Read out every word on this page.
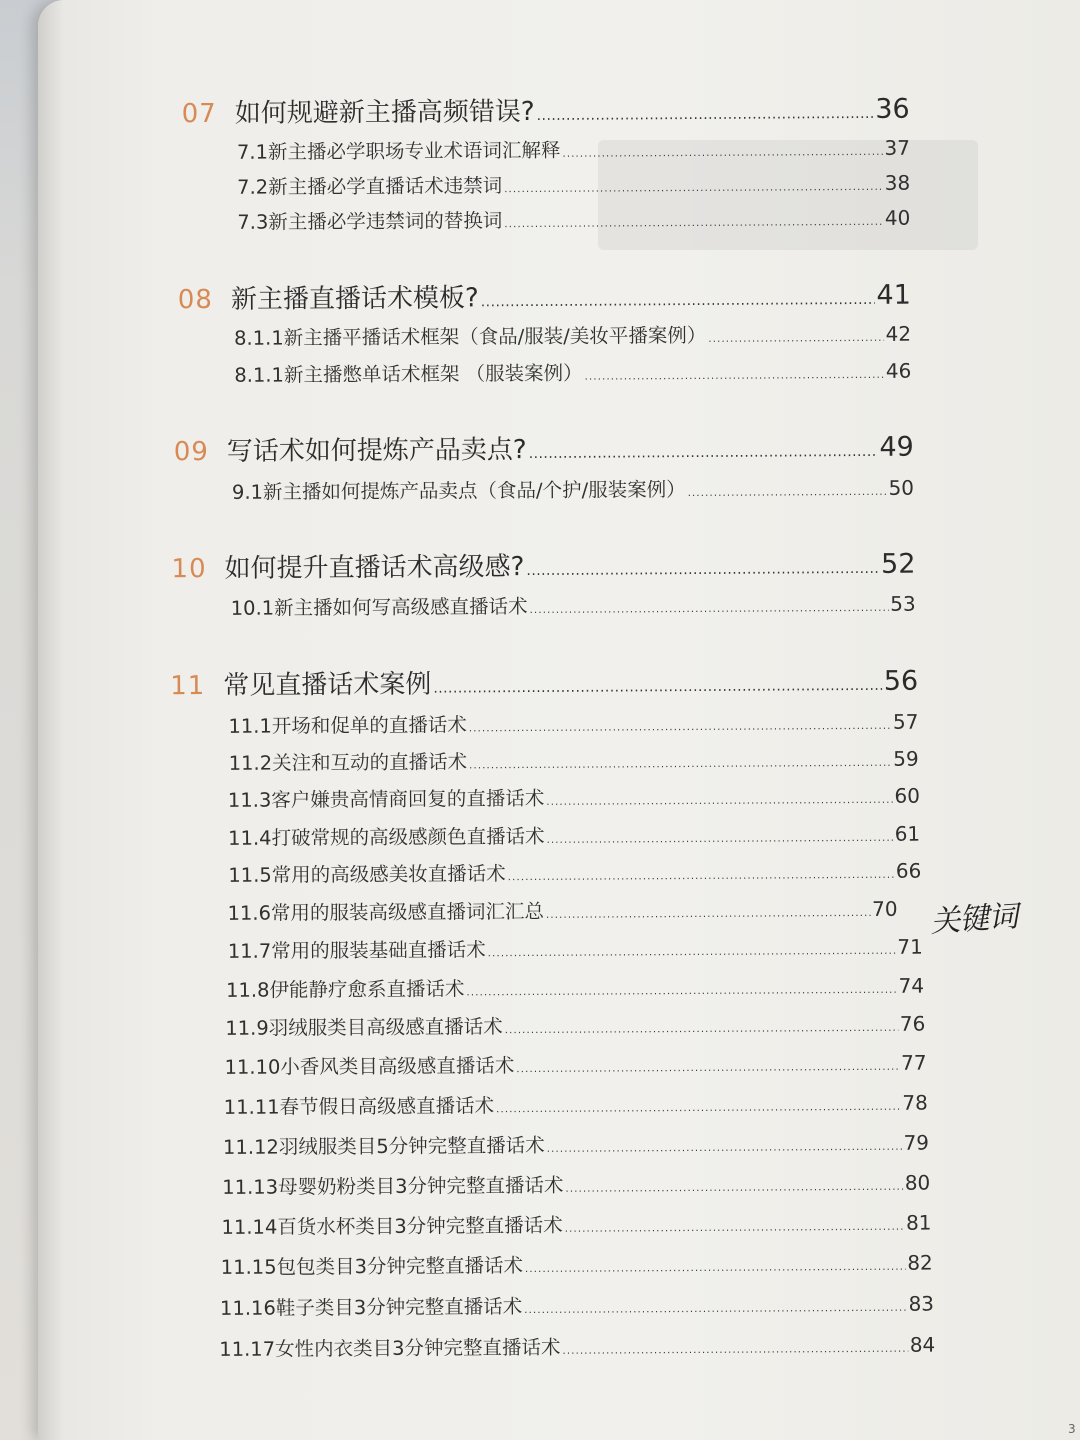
07 如何规避新主播高频错误? . . .	36
7.1新主播必学职场专业术语词汇解释 . . .	37
7.2新主播必学直播话术违禁词 . . .	38
7.3新主播必学违禁词的替换词 . . .	40
08 新主播直播话术模板? . . .	41
8.1.1新主播平播话术框架（食品/服装/美妆平播案例） . . .	42
8.1.1新主播憋单话术框架 （服装案例） . . .	46
09 写话术如何提炼产品卖点? . . .	49
9.1新主播如何提炼产品卖点（食品/个护/服装案例） . . .	50
10 如何提升直播话术高级感? . . .	52
10.1新主播如何写高级感直播话术 . . .	53
11 常见直播话术案例 . . .	56
11.1开场和促单的直播话术 . . .	57
11.2关注和互动的直播话术 . . .	59
11.3客户嫌贵高情商回复的直播话术 . . .	60
11.4打破常规的高级感颜色直播话术 . . .	61
11.5常用的高级感美妆直播话术 . . .	66
11.6常用的服装高级感直播词汇汇总 . . .	70
11.7常用的服装基础直播话术 . . .	71
11.8伊能静疗愈系直播话术 . . .	74
11.9羽绒服类目高级感直播话术 . . .	76
11.10小香风类目高级感直播话术 . . .	77
11.11春节假日高级感直播话术 . . .	78
11.12羽绒服类目5分钟完整直播话术 . . .	79
11.13母婴奶粉类目3分钟完整直播话术 . . .	80
11.14百货水杯类目3分钟完整直播话术 . . .	81
11.15包包类目3分钟完整直播话术 . . .	82
11.16鞋子类目3分钟完整直播话术 . . .	83
11.17女性内衣类目3分钟完整直播话术 . . .	84
关键词
3
